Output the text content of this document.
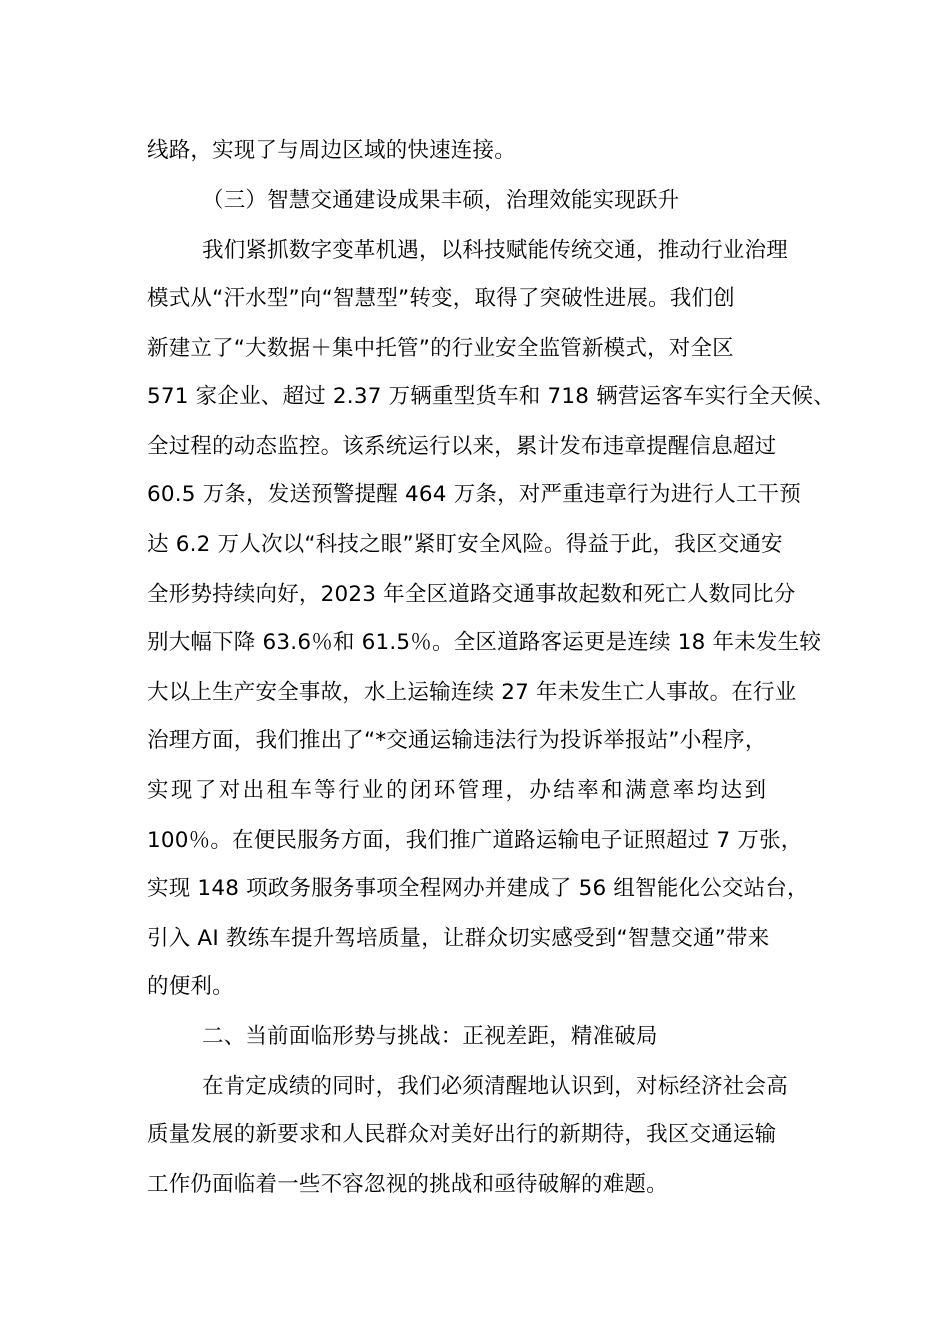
线路，实现了与周边区域的快速连接。
（三）智慧交通建设成果丰硕，治理效能实现跃升
我们紧抓数字变革机遇，以科技赋能传统交通，推动行业治理
模式从“汗水型”向“智慧型”转变，取得了突破性进展。我们创
新建立了“大数据＋集中托管”的行业安全监管新模式，对全区
571 家企业、超过 2.37 万辆重型货车和 718 辆营运客车实行全天候、
全过程的动态监控。该系统运行以来，累计发布违章提醒信息超过
60.5 万条，发送预警提醒 464 万条，对严重违章行为进行人工干预
达 6.2 万人次以“科技之眼”紧盯安全风险。得益于此，我区交通安
全形势持续向好，2023 年全区道路交通事故起数和死亡人数同比分
别大幅下降 63.6％和 61.5％。全区道路客运更是连续 18 年未发生较
大以上生产安全事故，水上运输连续 27 年未发生亡人事故。在行业
治理方面，我们推出了“*交通运输违法行为投诉举报站”小程序，
实现了对出租车等行业的闭环管理，办结率和满意率均达到
100％。在便民服务方面，我们推广道路运输电子证照超过 7 万张，
实现 148 项政务服务事项全程网办并建成了 56 组智能化公交站台，
引入 AI 教练车提升驾培质量，让群众切实感受到“智慧交通”带来
的便利。
二、当前面临形势与挑战：正视差距，精准破局
在肯定成绩的同时，我们必须清醒地认识到，对标经济社会高
质量发展的新要求和人民群众对美好出行的新期待，我区交通运输
工作仍面临着一些不容忽视的挑战和亟待破解的难题。
